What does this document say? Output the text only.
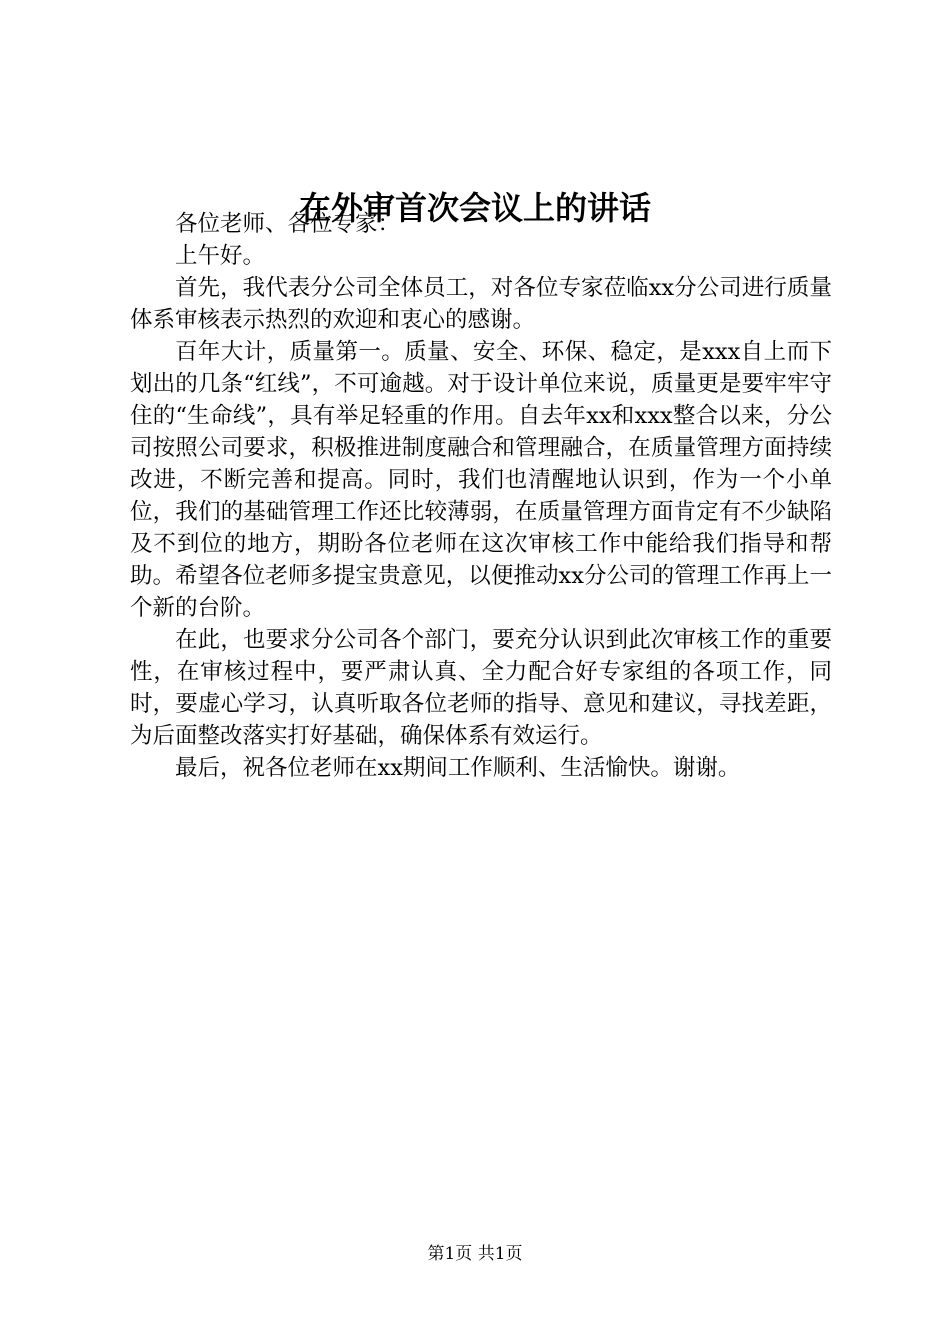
在外审首次会议上的讲话

各位老师、各位专家：

上午好。

首先，我代表分公司全体员工，对各位专家莅临xx分公司进行质量体系审核表示热烈的欢迎和衷心的感谢。

百年大计，质量第一。质量、安全、环保、稳定，是xxx自上而下划出的几条“红线”，不可逾越。对于设计单位来说，质量更是要牢牢守住的“生命线”，具有举足轻重的作用。自去年xx和xxx整合以来，分公司按照公司要求，积极推进制度融合和管理融合，在质量管理方面持续改进，不断完善和提高。同时，我们也清醒地认识到，作为一个小单位，我们的基础管理工作还比较薄弱，在质量管理方面肯定有不少缺陷及不到位的地方，期盼各位老师在这次审核工作中能给我们指导和帮助。希望各位老师多提宝贵意见，以便推动xx分公司的管理工作再上一个新的台阶。

在此，也要求分公司各个部门，要充分认识到此次审核工作的重要性，在审核过程中，要严肃认真、全力配合好专家组的各项工作，同时，要虚心学习，认真听取各位老师的指导、意见和建议，寻找差距，为后面整改落实打好基础，确保体系有效运行。

最后，祝各位老师在xx期间工作顺利、生活愉快。谢谢。

第1页 共1页
